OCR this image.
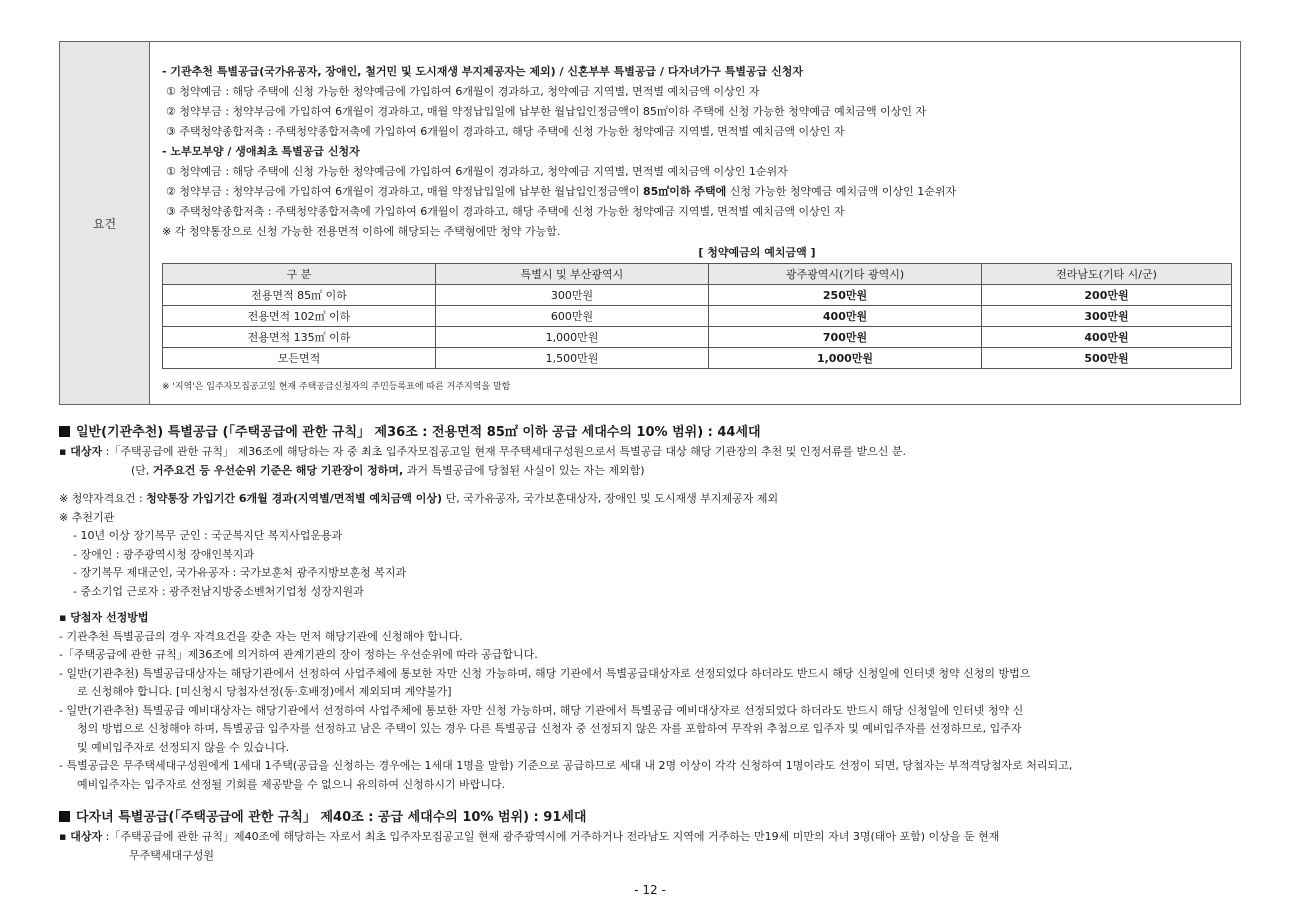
요건
- 기관추천 특별공급(국가유공자, 장애인, 철거민 및 도시재생 부지제공자는 제외) / 신혼부부 특별공급 / 다자녀가구 특별공급 신청자
① 청약예금 : 해당 주택에 신청 가능한 청약예금에 가입하여 6개월이 경과하고, 청약예금 지역별, 면적별 예치금액 이상인 자
② 청약부금 : 청약부금에 가입하여 6개월이 경과하고, 매월 약정납입일에 납부한 월납입인정금액이 85㎡이하 주택에 신청 가능한 청약예금 예치금액 이상인 자
③ 주택청약종합저축 : 주택청약종합저축에 가입하여 6개월이 경과하고, 해당 주택에 신청 가능한 청약예금 지역별, 면적별 예치금액 이상인 자
- 노부모부양 / 생애최초 특별공급 신청자
① 청약예금 : 해당 주택에 신청 가능한 청약예금에 가입하여 6개월이 경과하고, 청약예금 지역별, 면적별 예치금액 이상인 1순위자
② 청약부금 : 청약부금에 가입하여 6개월이 경과하고, 매월 약정납입일에 납부한 월납입인정금액이 85㎡이하 주택에 신청 가능한 청약예금 예치금액 이상인 1순위자
③ 주택청약종합저축 : 주택청약종합저축에 가입하여 6개월이 경과하고, 해당 주택에 신청 가능한 청약예금 지역별, 면적별 예치금액 이상인 자
※ 각 청약통장으로 신청 가능한 전용면적 이하에 해당되는 주택형에만 청약 가능함.
[ 청약예금의 예치금액 ]
구 분	특별시 및 부산광역시	광주광역시(기타 광역시)	전라남도(기타 시/군)
전용면적 85㎡ 이하	300만원	250만원	200만원
전용면적 102㎡ 이하	600만원	400만원	300만원
전용면적 135㎡ 이하	1,000만원	700만원	400만원
모든면적	1,500만원	1,000만원	500만원
※ '지역'은 입주자모집공고일 현재 주택공급신청자의 주민등록표에 따른 거주지역을 말함
일반(기관추천) 특별공급 (「주택공급에 관한 규칙」 제36조 : 전용면적 85㎡ 이하 공급 세대수의 10% 범위) : 44세대
▪ 대상자 :「주택공급에 관한 규칙」 제36조에 해당하는 자 중 최초 입주자모집공고일 현재 무주택세대구성원으로서 특별공급 대상 해당 기관장의 추천 및 인정서류를 받으신 분.
(단, 거주요건 등 우선순위 기준은 해당 기관장이 정하며, 과거 특별공급에 당첨된 사실이 있는 자는 제외함)
※ 청약자격요건 : 청약통장 가입기간 6개월 경과(지역별/면적별 예치금액 이상) 단, 국가유공자, 국가보훈대상자, 장애인 및 도시재생 부지제공자 제외
※ 추천기관
- 10년 이상 장기복무 군인 : 국군복지단 복지사업운용과
- 장애인 : 광주광역시청 장애인복지과
- 장기복무 제대군인, 국가유공자 : 국가보훈처 광주지방보훈청 복지과
- 중소기업 근로자 : 광주전남지방중소벤처기업청 성장지원과
▪ 당첨자 선정방법
- 기관추천 특별공급의 경우 자격요건을 갖춘 자는 먼저 해당기관에 신청해야 합니다.
-「주택공급에 관한 규칙」제36조에 의거하여 관계기관의 장이 정하는 우선순위에 따라 공급합니다.
- 일반(기관추천) 특별공급대상자는 해당기관에서 선정하여 사업주체에 통보한 자만 신청 가능하며, 해당 기관에서 특별공급대상자로 선정되었다 하더라도 반드시 해당 신청일에 인터넷 청약 신청의 방법으
로 신청해야 합니다. [미신청시 당첨자선정(동·호배정)에서 제외되며 계약불가]
- 일반(기관추천) 특별공급 예비대상자는 해당기관에서 선정하여 사업주체에 통보한 자만 신청 가능하며, 해당 기관에서 특별공급 예비대상자로 선정되었다 하더라도 반드시 해당 신청일에 인터넷 청약 신
청의 방법으로 신청해야 하며, 특별공급 입주자를 선정하고 남은 주택이 있는 경우 다른 특별공급 신청자 중 선정되지 않은 자를 포함하여 무작위 추첨으로 입주자 및 예비입주자를 선정하므로, 입주자
및 예비입주자로 선정되지 않을 수 있습니다.
- 특별공급은 무주택세대구성원에게 1세대 1주택(공급을 신청하는 경우에는 1세대 1명을 말함) 기준으로 공급하므로 세대 내 2명 이상이 각각 신청하여 1명이라도 선정이 되면, 당첨자는 부적격당첨자로 처리되고,
예비입주자는 입주자로 선정될 기회를 제공받을 수 없으니 유의하여 신청하시기 바랍니다.
다자녀 특별공급(「주택공급에 관한 규칙」 제40조 : 공급 세대수의 10% 범위) : 91세대
▪ 대상자 :「주택공급에 관한 규칙」제40조에 해당하는 자로서 최초 입주자모집공고일 현재 광주광역시에 거주하거나 전라남도 지역에 거주하는 만19세 미만의 자녀 3명(태아 포함) 이상을 둔 현재
무주택세대구성원
- 12 -
